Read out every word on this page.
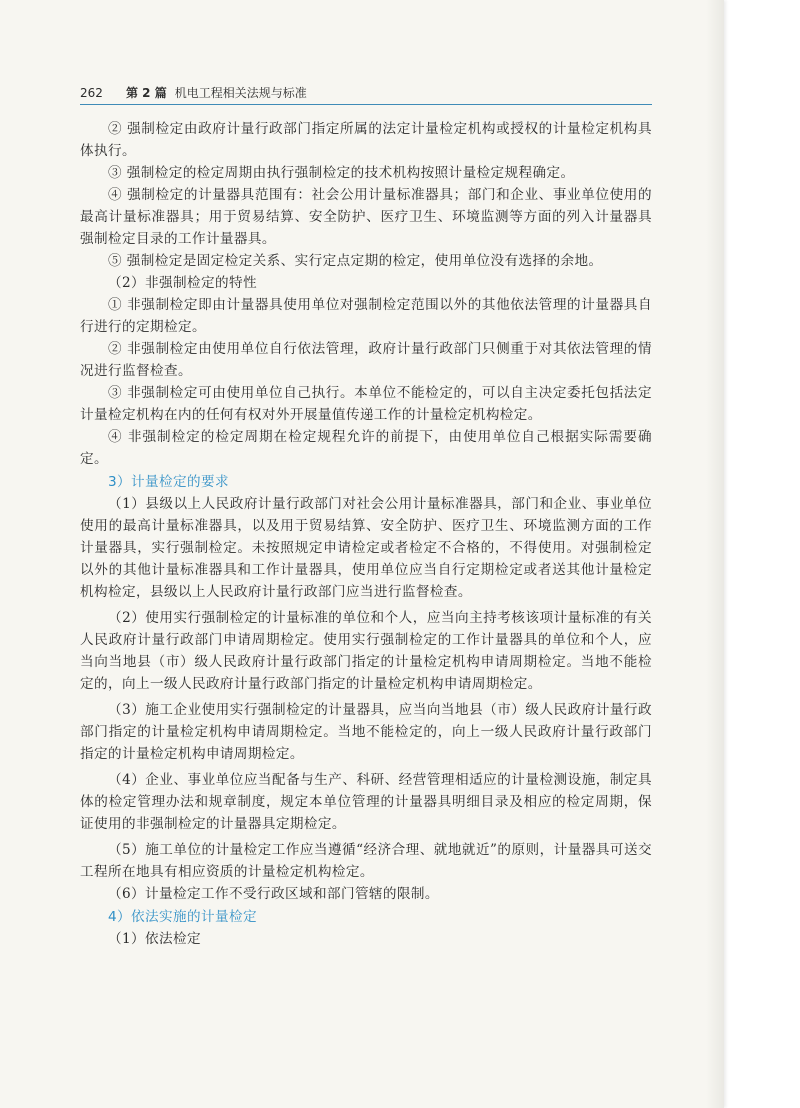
262 第 2 篇 机电工程相关法规与标准

② 强制检定由政府计量行政部门指定所属的法定计量检定机构或授权的计量检定机构具体执行。

③ 强制检定的检定周期由执行强制检定的技术机构按照计量检定规程确定。

④ 强制检定的计量器具范围有：社会公用计量标准器具；部门和企业、事业单位使用的最高计量标准器具；用于贸易结算、安全防护、医疗卫生、环境监测等方面的列入计量器具强制检定目录的工作计量器具。

⑤ 强制检定是固定检定关系、实行定点定期的检定，使用单位没有选择的余地。

（2）非强制检定的特性

① 非强制检定即由计量器具使用单位对强制检定范围以外的其他依法管理的计量器具自行进行的定期检定。

② 非强制检定由使用单位自行依法管理，政府计量行政部门只侧重于对其依法管理的情况进行监督检查。

③ 非强制检定可由使用单位自己执行。本单位不能检定的，可以自主决定委托包括法定计量检定机构在内的任何有权对外开展量值传递工作的计量检定机构检定。

④ 非强制检定的检定周期在检定规程允许的前提下，由使用单位自己根据实际需要确定。

3）计量检定的要求

（1）县级以上人民政府计量行政部门对社会公用计量标准器具，部门和企业、事业单位使用的最高计量标准器具，以及用于贸易结算、安全防护、医疗卫生、环境监测方面的工作计量器具，实行强制检定。未按照规定申请检定或者检定不合格的，不得使用。对强制检定以外的其他计量标准器具和工作计量器具，使用单位应当自行定期检定或者送其他计量检定机构检定，县级以上人民政府计量行政部门应当进行监督检查。

（2）使用实行强制检定的计量标准的单位和个人，应当向主持考核该项计量标准的有关人民政府计量行政部门申请周期检定。使用实行强制检定的工作计量器具的单位和个人，应当向当地县（市）级人民政府计量行政部门指定的计量检定机构申请周期检定。当地不能检定的，向上一级人民政府计量行政部门指定的计量检定机构申请周期检定。

（3）施工企业使用实行强制检定的计量器具，应当向当地县（市）级人民政府计量行政部门指定的计量检定机构申请周期检定。当地不能检定的，向上一级人民政府计量行政部门指定的计量检定机构申请周期检定。

（4）企业、事业单位应当配备与生产、科研、经营管理相适应的计量检测设施，制定具体的检定管理办法和规章制度，规定本单位管理的计量器具明细目录及相应的检定周期，保证使用的非强制检定的计量器具定期检定。

（5）施工单位的计量检定工作应当遵循“经济合理、就地就近”的原则，计量器具可送交工程所在地具有相应资质的计量检定机构检定。

（6）计量检定工作不受行政区域和部门管辖的限制。

4）依法实施的计量检定

（1）依法检定
